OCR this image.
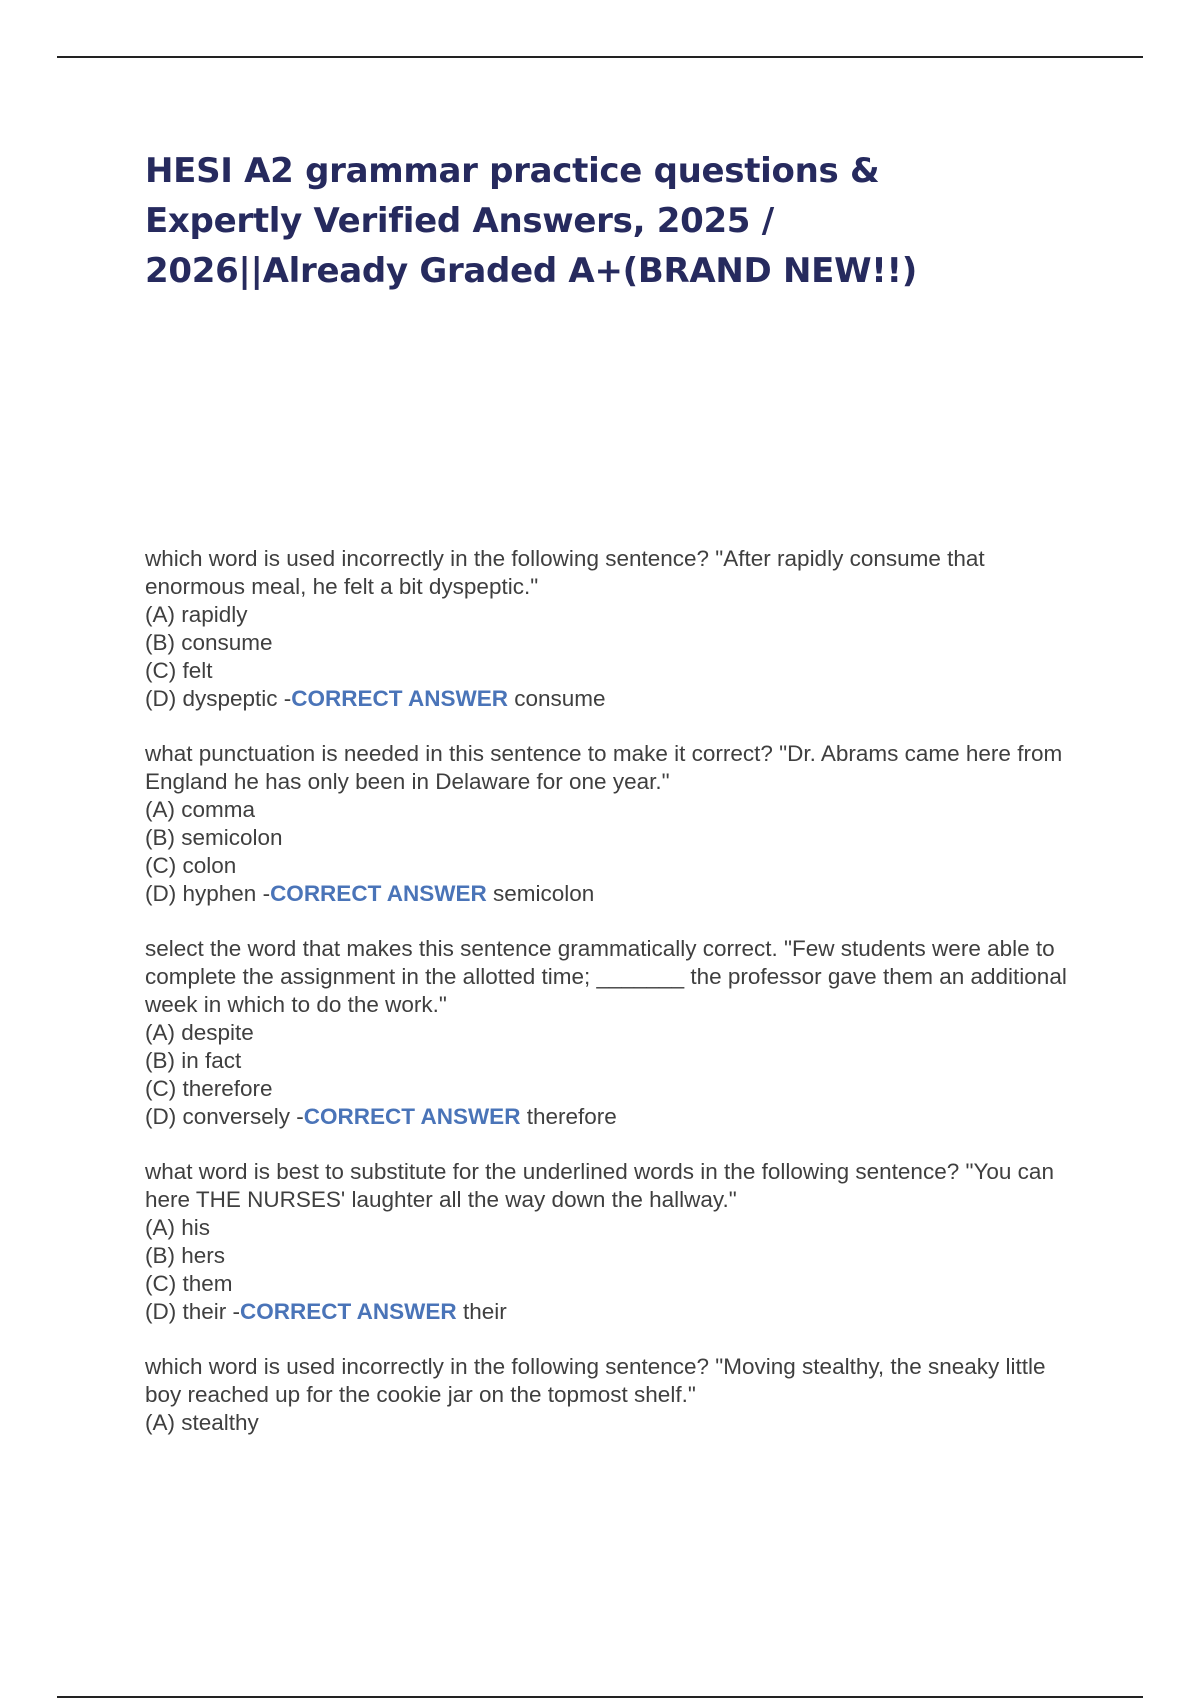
HESI A2 grammar practice questions & Expertly Verified Answers, 2025 / 2026||Already Graded A+(BRAND NEW!!)

which word is used incorrectly in the following sentence? "After rapidly consume that enormous meal, he felt a bit dyspeptic."

(A) rapidly
(B) consume
(C) felt
(D) dyspeptic -CORRECT ANSWER consume

what punctuation is needed in this sentence to make it correct? "Dr. Abrams came here from England he has only been in Delaware for one year."

(A) comma
(B) semicolon
(C) colon
(D) hyphen -CORRECT ANSWER semicolon

select the word that makes this sentence grammatically correct. "Few students were able to complete the assignment in the allotted time; _______ the professor gave them an additional week in which to do the work."

(A) despite
(B) in fact
(C) therefore
(D) conversely -CORRECT ANSWER therefore

what word is best to substitute for the underlined words in the following sentence? "You can here THE NURSES' laughter all the way down the hallway."

(A) his
(B) hers
(C) them
(D) their -CORRECT ANSWER their

which word is used incorrectly in the following sentence? "Moving stealthy, the sneaky little boy reached up for the cookie jar on the topmost shelf."

(A) stealthy
